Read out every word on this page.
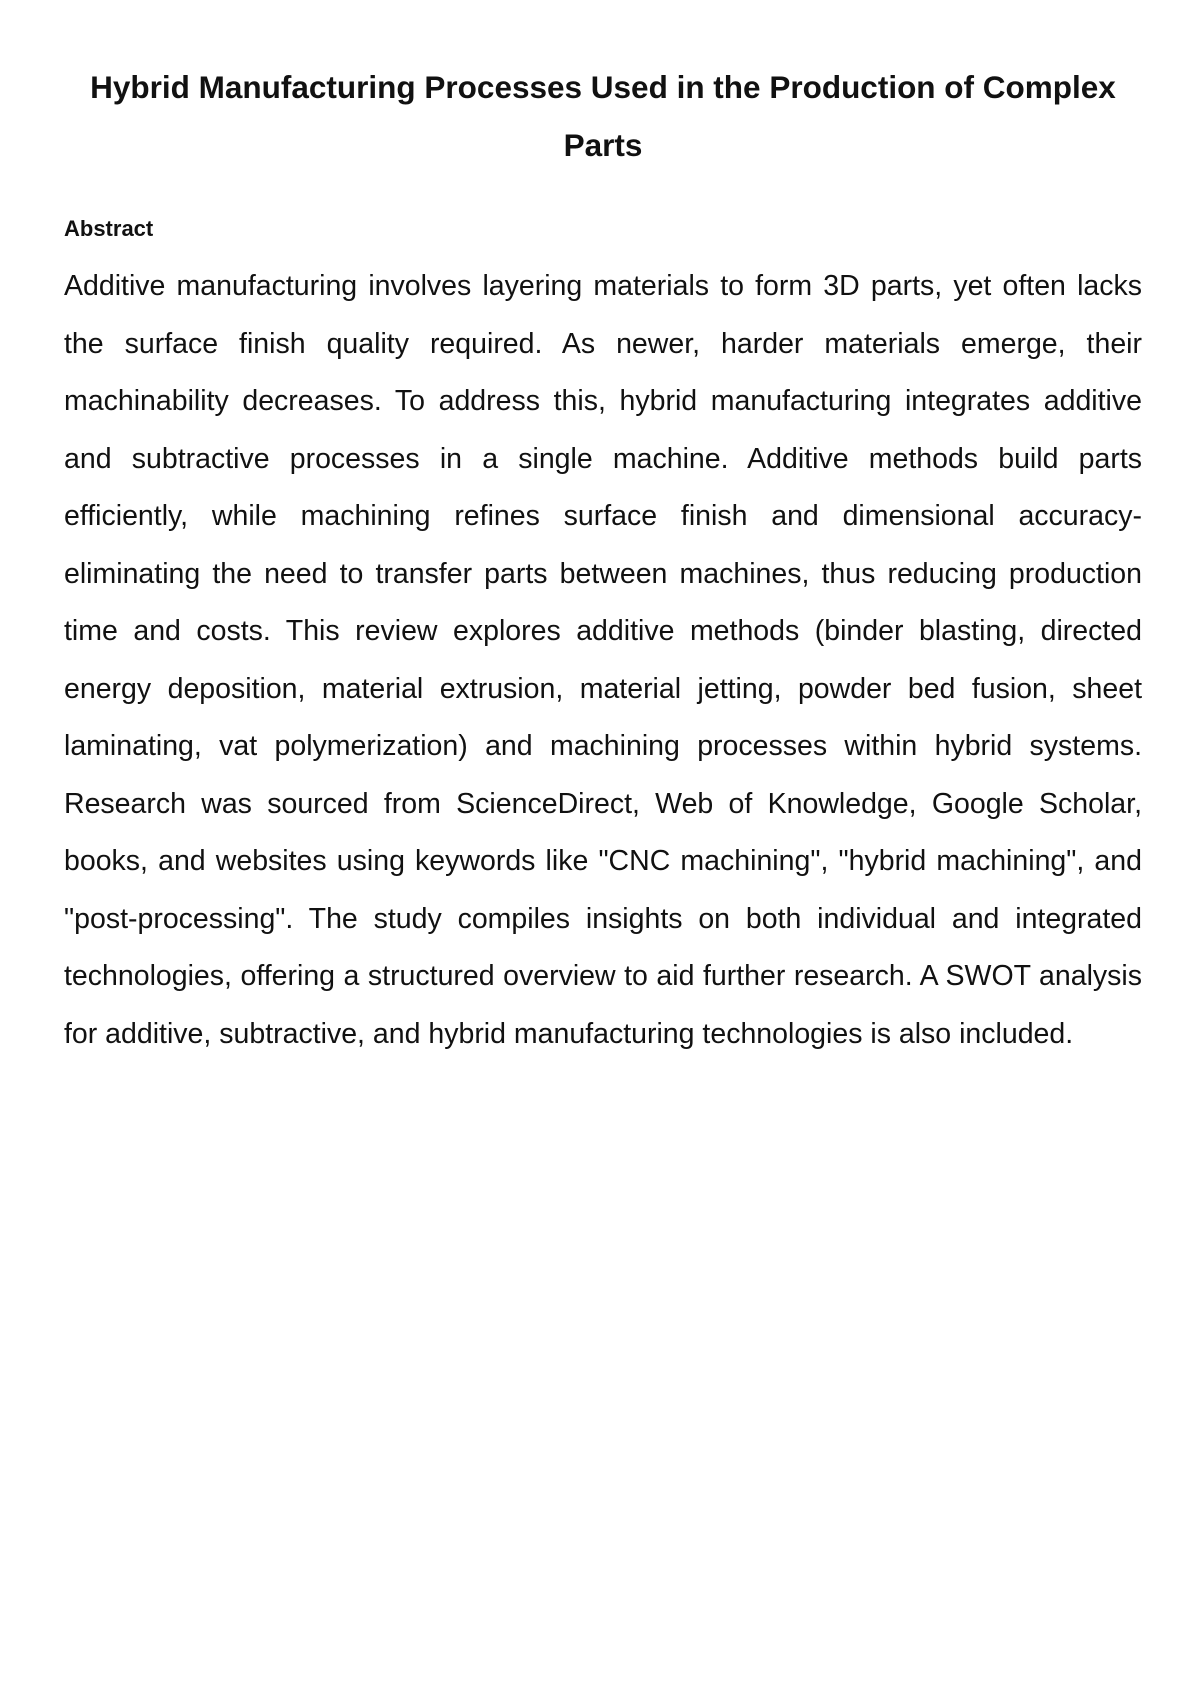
Hybrid Manufacturing Processes Used in the Production of Complex Parts
Abstract

Additive manufacturing involves layering materials to form 3D parts, yet often lacks the surface finish quality required. As newer, harder materials emerge, their machinability decreases. To address this, hybrid manufacturing integrates additive and subtractive processes in a single machine. Additive methods build parts efficiently, while machining refines surface finish and dimensional accuracy-eliminating the need to transfer parts between machines, thus reducing production time and costs. This review explores additive methods (binder blasting, directed energy deposition, material extrusion, material jetting, powder bed fusion, sheet laminating, vat polymerization) and machining processes within hybrid systems. Research was sourced from ScienceDirect, Web of Knowledge, Google Scholar, books, and websites using keywords like "CNC machining", "hybrid machining", and "post-processing". The study compiles insights on both individual and integrated technologies, offering a structured overview to aid further research. A SWOT analysis for additive, subtractive, and hybrid manufacturing technologies is also included.
